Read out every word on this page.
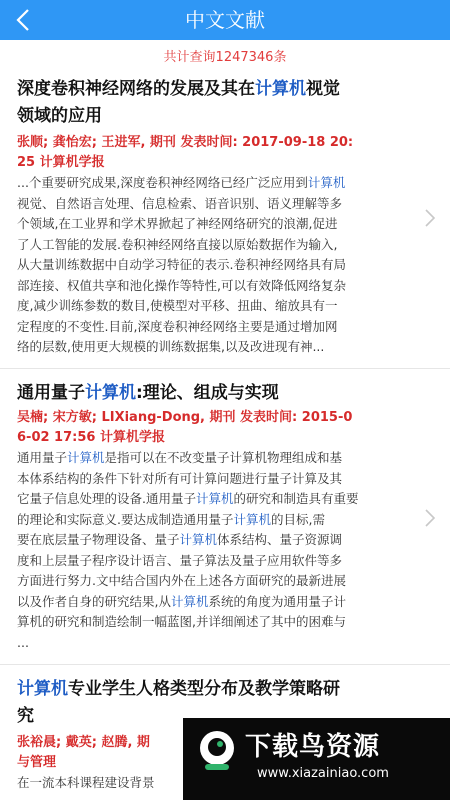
中文文献
共计查询1247346条
深度卷积神经网络的发展及其在计算机视觉
领域的应用
张顺; 龚怡宏; 王进军, 期刊 发表时间: 2017-09-18 20:
25 计算机学报
...个重要研究成果,深度卷积神经网络已经广泛应用到计算机
视觉、自然语言处理、信息检索、语音识别、语义理解等多
个领域,在工业界和学术界掀起了神经网络研究的浪潮,促进
了人工智能的发展.卷积神经网络直接以原始数据作为输入,
从大量训练数据中自动学习特征的表示.卷积神经网络具有局
部连接、权值共享和池化操作等特性,可以有效降低网络复杂
度,减少训练参数的数目,使模型对平移、扭曲、缩放具有一
定程度的不变性.目前,深度卷积神经网络主要是通过增加网
络的层数,使用更大规模的训练数据集,以及改进现有神...
通用量子计算机:理论、组成与实现
吴楠; 宋方敏; LIXiang-Dong, 期刊 发表时间: 2015-0
6-02 17:56 计算机学报
通用量子计算机是指可以在不改变量子计算机物理组成和基
本体系结构的条件下针对所有可计算问题进行量子计算及其
它量子信息处理的设备.通用量子计算机的研究和制造具有重要
的理论和实际意义.要达成制造通用量子计算机的目标,需
要在底层量子物理设备、量子计算机体系结构、量子资源调
度和上层量子程序设计语言、量子算法及量子应用软件等多
方面进行努力.文中结合国内外在上述各方面研究的最新进展
以及作者自身的研究结果,从计算机系统的角度为通用量子计
算机的研究和制造绘制一幅蓝图,并详细阐述了其中的困难与
...
计算机专业学生人格类型分布及教学策略研
究
张裕晨; 戴英; 赵腾, 期
与管理
在一流本科课程建设背景
下载鸟资源
www.xiazainiao.com
